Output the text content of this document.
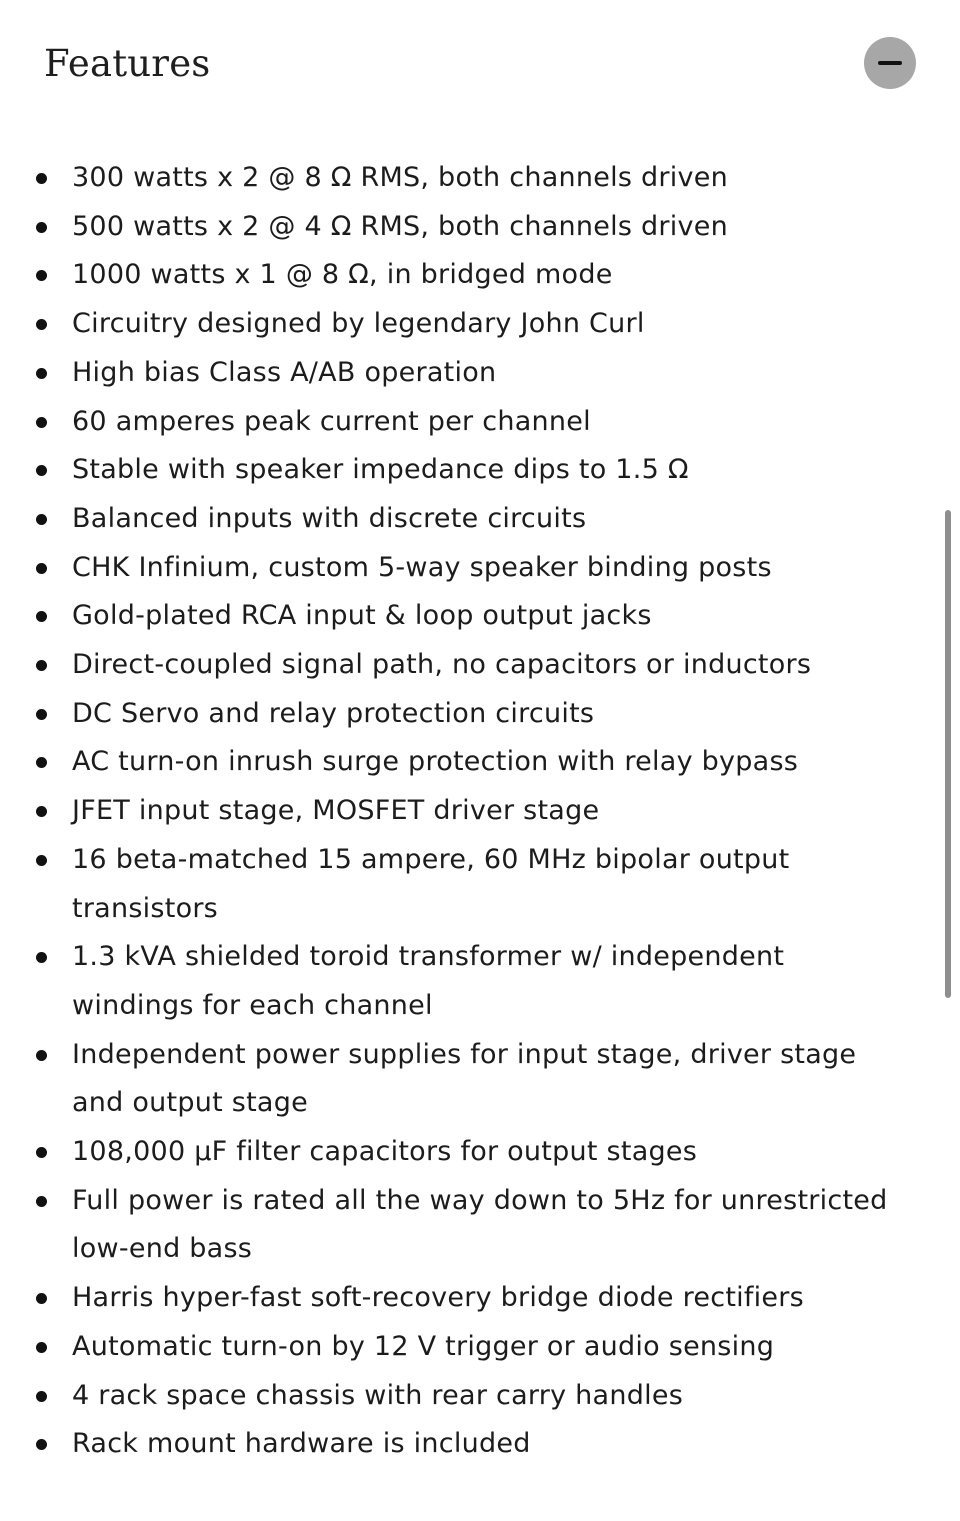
Features
300 watts x 2 @ 8 Ω RMS, both channels driven
500 watts x 2 @ 4 Ω RMS, both channels driven
1000 watts x 1 @ 8 Ω, in bridged mode
Circuitry designed by legendary John Curl
High bias Class A/AB operation
60 amperes peak current per channel
Stable with speaker impedance dips to 1.5 Ω
Balanced inputs with discrete circuits
CHK Infinium, custom 5-way speaker binding posts
Gold-plated RCA input & loop output jacks
Direct-coupled signal path, no capacitors or inductors
DC Servo and relay protection circuits
AC turn-on inrush surge protection with relay bypass
JFET input stage, MOSFET driver stage
16 beta-matched 15 ampere, 60 MHz bipolar output transistors
1.3 kVA shielded toroid transformer w/ independent windings for each channel
Independent power supplies for input stage, driver stage and output stage
108,000 µF filter capacitors for output stages
Full power is rated all the way down to 5Hz for unrestricted low-end bass
Harris hyper-fast soft-recovery bridge diode rectifiers
Automatic turn-on by 12 V trigger or audio sensing
4 rack space chassis with rear carry handles
Rack mount hardware is included
